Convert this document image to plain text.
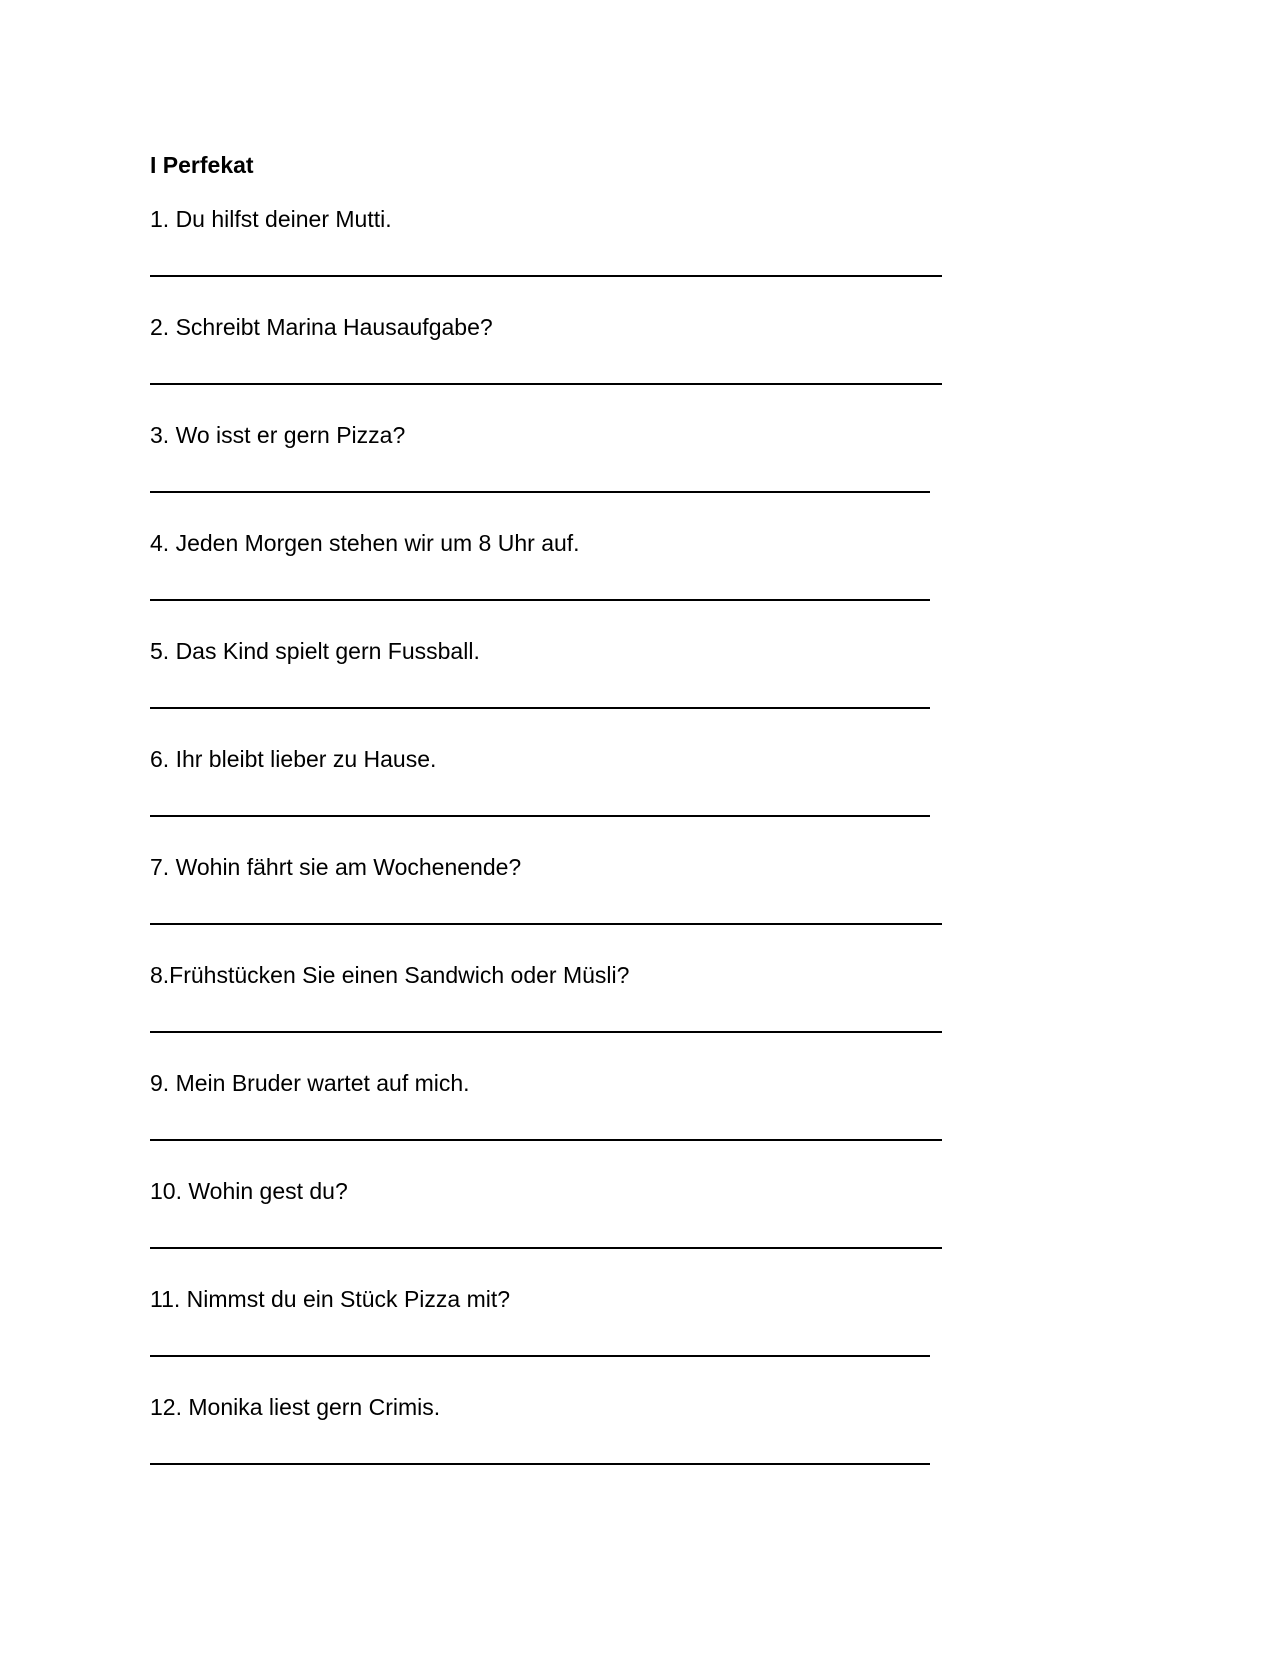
I Perfekat
1. Du hilfst deiner Mutti.
2. Schreibt Marina Hausaufgabe?
3. Wo isst er gern Pizza?
4. Jeden Morgen stehen wir um 8 Uhr auf.
5. Das Kind spielt gern Fussball.
6. Ihr bleibt lieber zu Hause.
7. Wohin fährt sie am Wochenende?
8.Frühstücken Sie einen Sandwich oder Müsli?
9. Mein Bruder wartet auf mich.
10. Wohin gest du?
11. Nimmst du ein Stück Pizza mit?
12. Monika liest gern Crimis.
